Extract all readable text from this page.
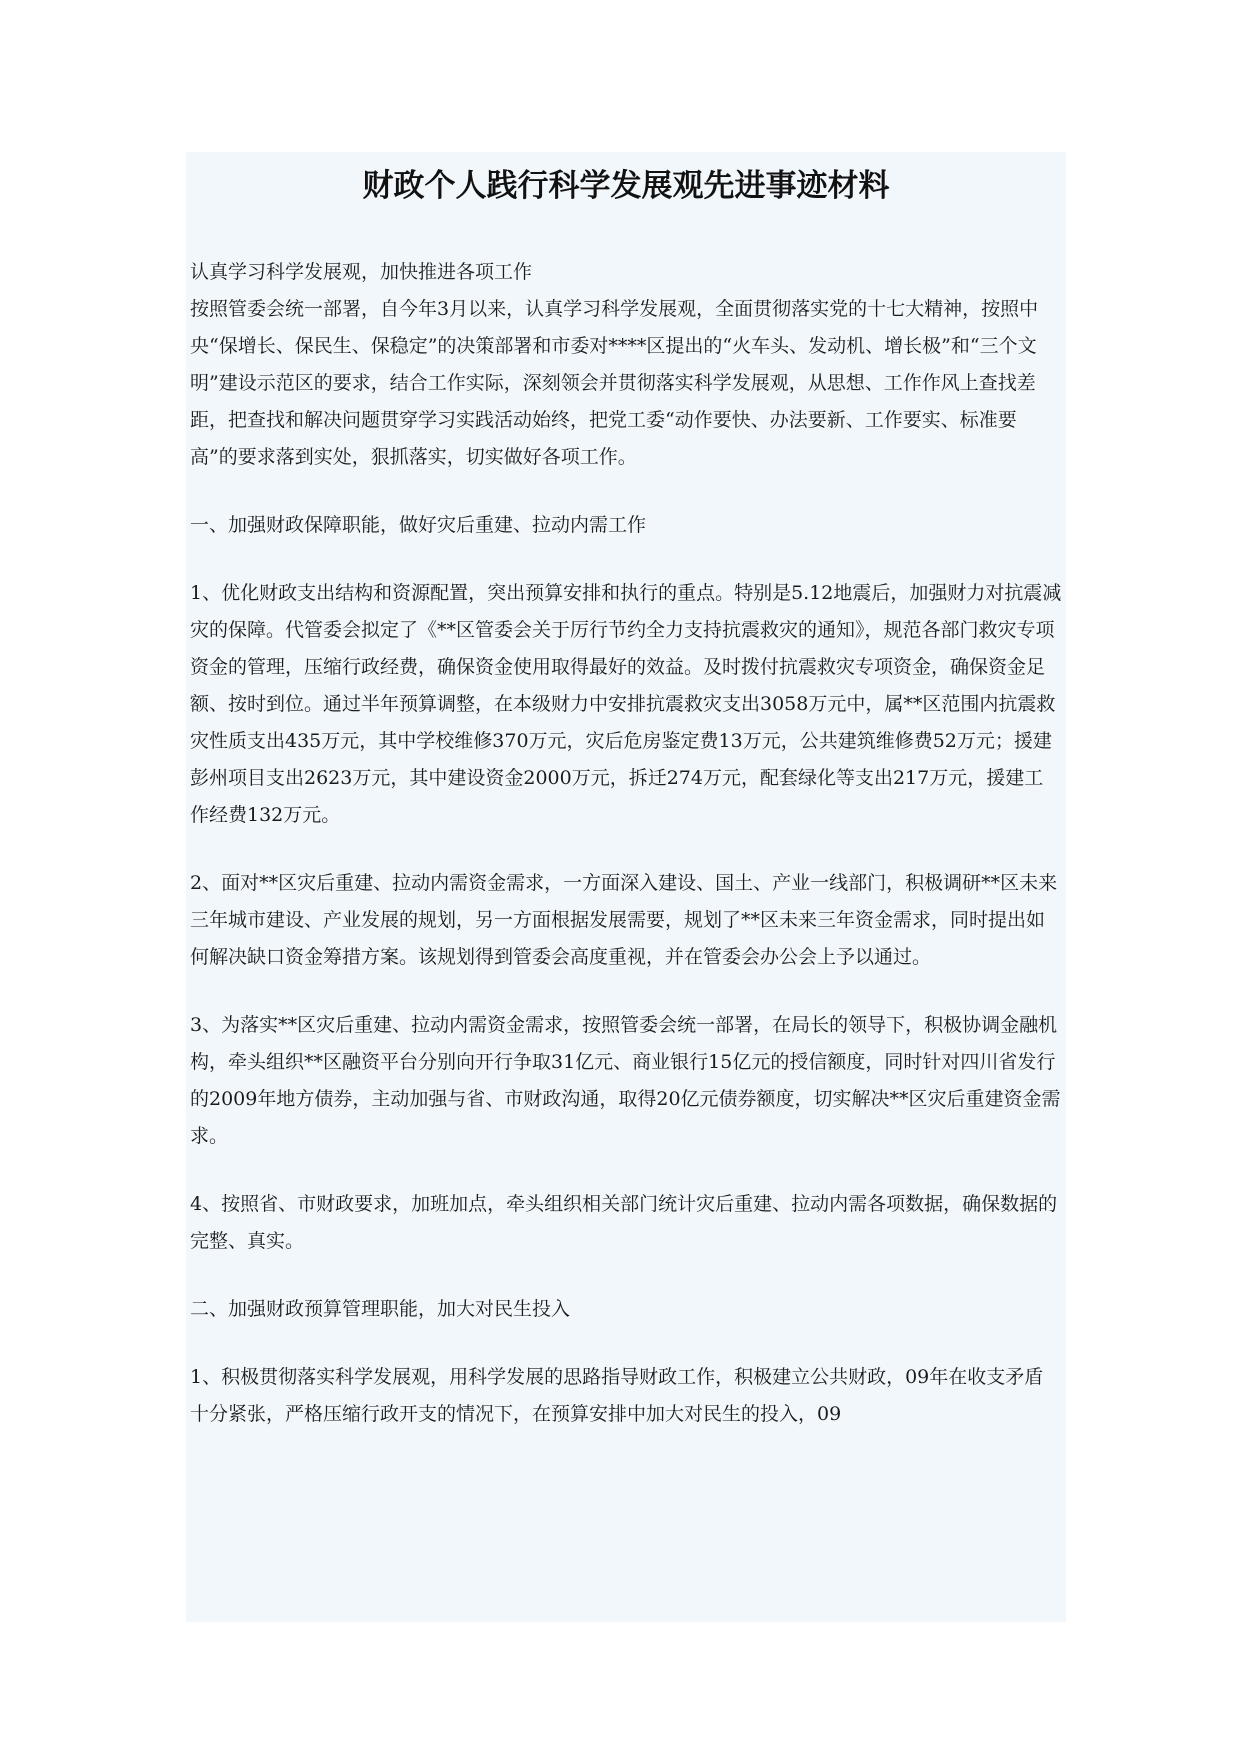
财政个人践行科学发展观先进事迹材料

认真学习科学发展观，加快推进各项工作

按照管委会统一部署，自今年3月以来，认真学习科学发展观，全面贯彻落实党的十七大精神，按照中央“保增长、保民生、保稳定”的决策部署和市委对****区提出的“火车头、发动机、增长极”和“三个文明”建设示范区的要求，结合工作实际，深刻领会并贯彻落实科学发展观，从思想、工作作风上查找差距，把查找和解决问题贯穿学习实践活动始终，把党工委“动作要快、办法要新、工作要实、标准要高”的要求落到实处，狠抓落实，切实做好各项工作。

一、加强财政保障职能，做好灾后重建、拉动内需工作

1、优化财政支出结构和资源配置，突出预算安排和执行的重点。特别是5.12地震后，加强财力对抗震减灾的保障。代管委会拟定了《**区管委会关于厉行节约全力支持抗震救灾的通知》，规范各部门救灾专项资金的管理，压缩行政经费，确保资金使用取得最好的效益。及时拨付抗震救灾专项资金，确保资金足额、按时到位。通过半年预算调整，在本级财力中安排抗震救灾支出3058万元中，属**区范围内抗震救灾性质支出435万元，其中学校维修370万元，灾后危房鉴定费13万元，公共建筑维修费52万元；援建彭州项目支出2623万元，其中建设资金2000万元，拆迁274万元，配套绿化等支出217万元，援建工作经费132万元。

2、面对**区灾后重建、拉动内需资金需求，一方面深入建设、国土、产业一线部门，积极调研**区未来三年城市建设、产业发展的规划，另一方面根据发展需要，规划了**区未来三年资金需求，同时提出如何解决缺口资金筹措方案。该规划得到管委会高度重视，并在管委会办公会上予以通过。

3、为落实**区灾后重建、拉动内需资金需求，按照管委会统一部署，在局长的领导下，积极协调金融机构，牵头组织**区融资平台分别向开行争取31亿元、商业银行15亿元的授信额度，同时针对四川省发行的2009年地方债券，主动加强与省、市财政沟通，取得20亿元债券额度，切实解决**区灾后重建资金需求。

4、按照省、市财政要求，加班加点，牵头组织相关部门统计灾后重建、拉动内需各项数据，确保数据的完整、真实。

二、加强财政预算管理职能，加大对民生投入

1、积极贯彻落实科学发展观，用科学发展的思路指导财政工作，积极建立公共财政，09年在收支矛盾十分紧张，严格压缩行政开支的情况下，在预算安排中加大对民生的投入，09
